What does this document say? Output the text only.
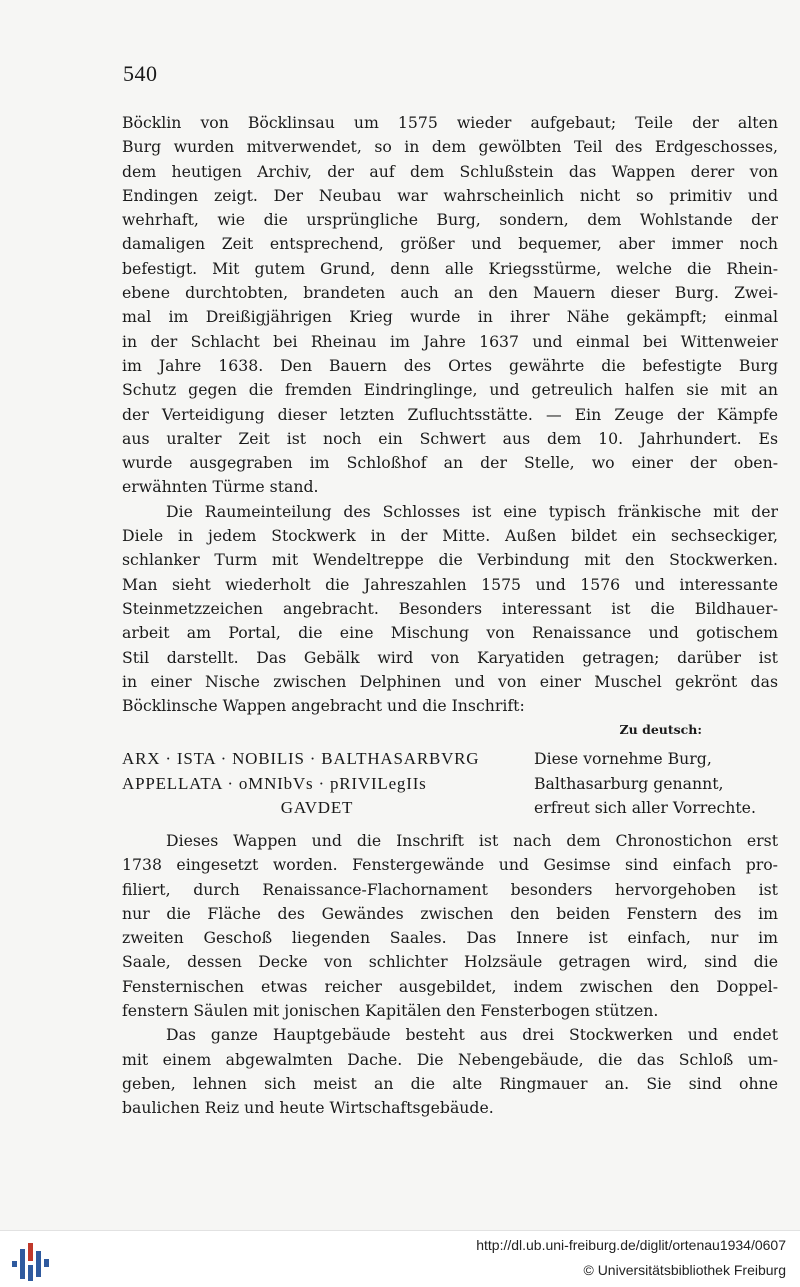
540
Böcklin von Böcklinsau um 1575 wieder aufgebaut; Teile der alten
Burg wurden mitverwendet, so in dem gewölbten Teil des Erdgeschosses,
dem heutigen Archiv, der auf dem Schlußstein das Wappen derer von
Endingen zeigt. Der Neubau war wahrscheinlich nicht so primitiv und
wehrhaft, wie die ursprüngliche Burg, sondern, dem Wohlstande der
damaligen Zeit entsprechend, größer und bequemer, aber immer noch
befestigt. Mit gutem Grund, denn alle Kriegsstürme, welche die Rhein-
ebene durchtobten, brandeten auch an den Mauern dieser Burg. Zwei-
mal im Dreißigjährigen Krieg wurde in ihrer Nähe gekämpft; einmal
in der Schlacht bei Rheinau im Jahre 1637 und einmal bei Wittenweier
im Jahre 1638. Den Bauern des Ortes gewährte die befestigte Burg
Schutz gegen die fremden Eindringlinge, und getreulich halfen sie mit an
der Verteidigung dieser letzten Zufluchtsstätte. — Ein Zeuge der Kämpfe
aus uralter Zeit ist noch ein Schwert aus dem 10. Jahrhundert. Es
wurde ausgegraben im Schloßhof an der Stelle, wo einer der oben-
erwähnten Türme stand.
Die Raumeinteilung des Schlosses ist eine typisch fränkische mit der
Diele in jedem Stockwerk in der Mitte. Außen bildet ein sechseckiger,
schlanker Turm mit Wendeltreppe die Verbindung mit den Stockwerken.
Man sieht wiederholt die Jahreszahlen 1575 und 1576 und interessante
Steinmetzzeichen angebracht. Besonders interessant ist die Bildhauer-
arbeit am Portal, die eine Mischung von Renaissance und gotischem
Stil darstellt. Das Gebälk wird von Karyatiden getragen; darüber ist
in einer Nische zwischen Delphinen und von einer Muschel gekrönt das
Böcklinsche Wappen angebracht und die Inschrift:
Zu deutsch:
ARX · ISTA · NOBILIS · BALTHASARBVRG
APPELLATA · oMNIbVs · pRIVILegIIs
GAVDET
Diese vornehme Burg,
Balthasarburg genannt,
erfreut sich aller Vorrechte.
Dieses Wappen und die Inschrift ist nach dem Chronostichon erst
1738 eingesetzt worden. Fenstergewände und Gesimse sind einfach pro-
filiert, durch Renaissance-Flachornament besonders hervorgehoben ist
nur die Fläche des Gewändes zwischen den beiden Fenstern des im
zweiten Geschoß liegenden Saales. Das Innere ist einfach, nur im
Saale, dessen Decke von schlichter Holzsäule getragen wird, sind die
Fensternischen etwas reicher ausgebildet, indem zwischen den Doppel-
fenstern Säulen mit jonischen Kapitälen den Fensterbogen stützen.
Das ganze Hauptgebäude besteht aus drei Stockwerken und endet
mit einem abgewalmten Dache. Die Nebengebäude, die das Schloß um-
geben, lehnen sich meist an die alte Ringmauer an. Sie sind ohne
baulichen Reiz und heute Wirtschaftsgebäude.
http://dl.ub.uni-freiburg.de/diglit/ortenau1934/0607
© Universitätsbibliothek Freiburg
